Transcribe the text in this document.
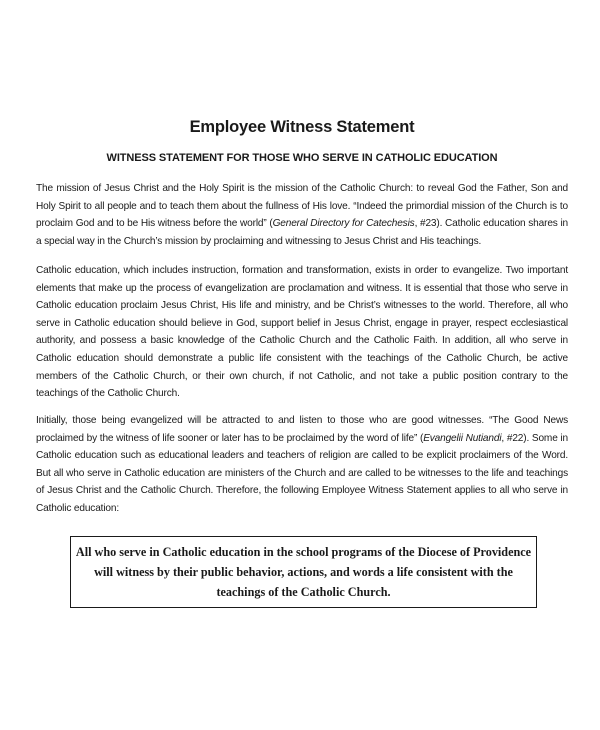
Employee Witness Statement
WITNESS STATEMENT FOR THOSE WHO SERVE IN CATHOLIC EDUCATION

The mission of Jesus Christ and the Holy Spirit is the mission of the Catholic Church: to reveal God the Father, Son and Holy Spirit to all people and to teach them about the fullness of His love. “Indeed the primordial mission of the Church is to proclaim God and to be His witness before the world” (General Directory for Catechesis, #23). Catholic education shares in a special way in the Church’s mission by proclaiming and witnessing to Jesus Christ and His teachings.

Catholic education, which includes instruction, formation and transformation, exists in order to evangelize. Two important elements that make up the process of evangelization are proclamation and witness. It is essential that those who serve in Catholic education proclaim Jesus Christ, His life and ministry, and be Christ’s witnesses to the world. Therefore, all who serve in Catholic education should believe in God, support belief in Jesus Christ, engage in prayer, respect ecclesiastical authority, and possess a basic knowledge of the Catholic Church and the Catholic Faith. In addition, all who serve in Catholic education should demonstrate a public life consistent with the teachings of the Catholic Church, be active members of the Catholic Church, or their own church, if not Catholic, and not take a public position contrary to the teachings of the Catholic Church.

Initially, those being evangelized will be attracted to and listen to those who are good witnesses. “The Good News proclaimed by the witness of life sooner or later has to be proclaimed by the word of life” (Evangelii Nutiandi, #22). Some in Catholic education such as educational leaders and teachers of religion are called to be explicit proclaimers of the Word. But all who serve in Catholic education are ministers of the Church and are called to be witnesses to the life and teachings of Jesus Christ and the Catholic Church. Therefore, the following Employee Witness Statement applies to all who serve in Catholic education:

All who serve in Catholic education in the school programs of the Diocese of Providence
will witness by their public behavior, actions, and words a life consistent with the
teachings of the Catholic Church.
